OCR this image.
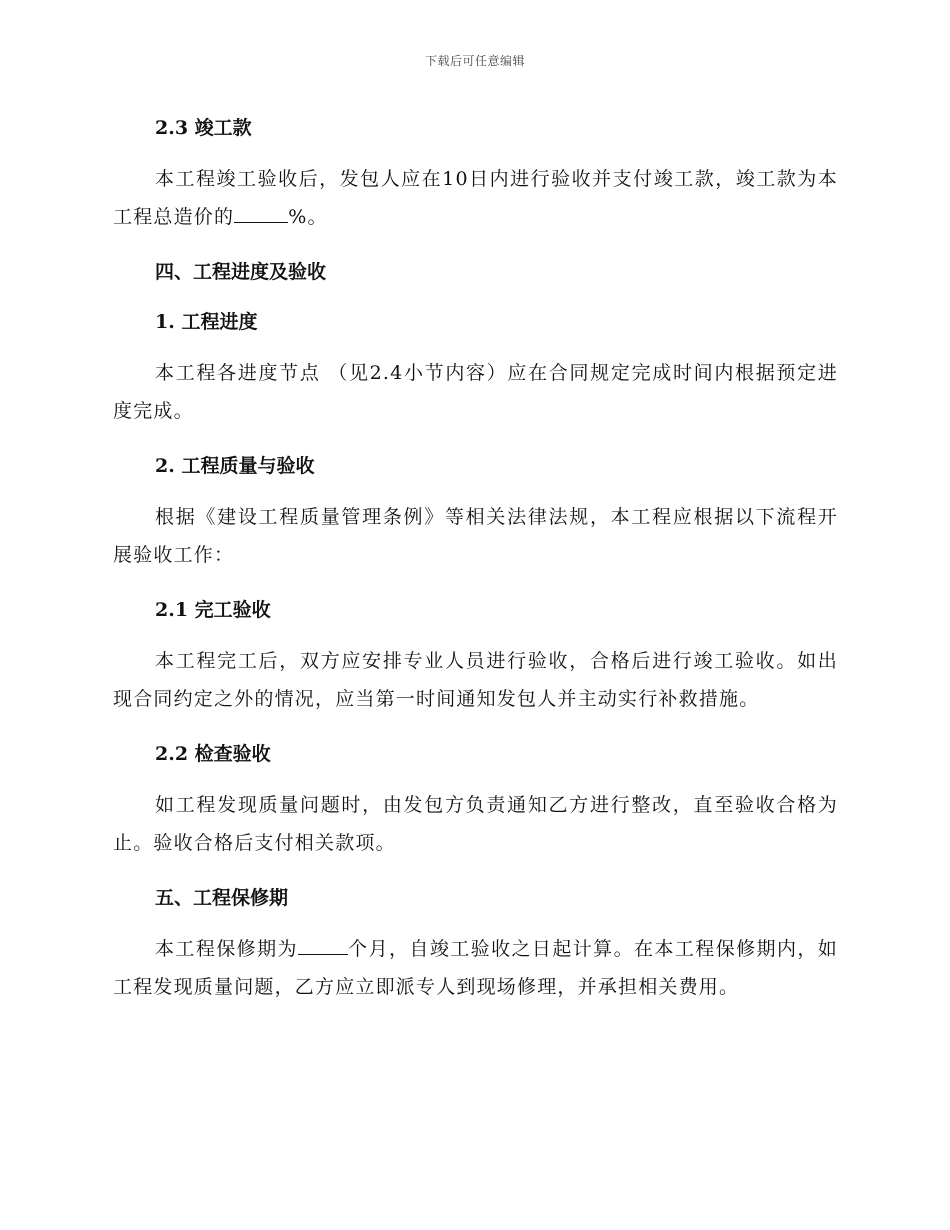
下载后可任意编辑

2.3 竣工款

本工程竣工验收后，发包人应在10日内进行验收并支付竣工款，竣工款为本工程总造价的	%。

四、工程进度及验收

1. 工程进度

本工程各进度节点 （见2.4小节内容）应在合同规定完成时间内根据预定进度完成。

2. 工程质量与验收

根据《建设工程质量管理条例》等相关法律法规，本工程应根据以下流程开展验收工作：

2.1 完工验收

本工程完工后，双方应安排专业人员进行验收，合格后进行竣工验收。如出现合同约定之外的情况，应当第一时间通知发包人并主动实行补救措施。

2.2 检查验收

如工程发现质量问题时，由发包方负责通知乙方进行整改，直至验收合格为止。验收合格后支付相关款项。

五、工程保修期

本工程保修期为	个月，自竣工验收之日起计算。在本工程保修期内，如工程发现质量问题，乙方应立即派专人到现场修理，并承担相关费用。
